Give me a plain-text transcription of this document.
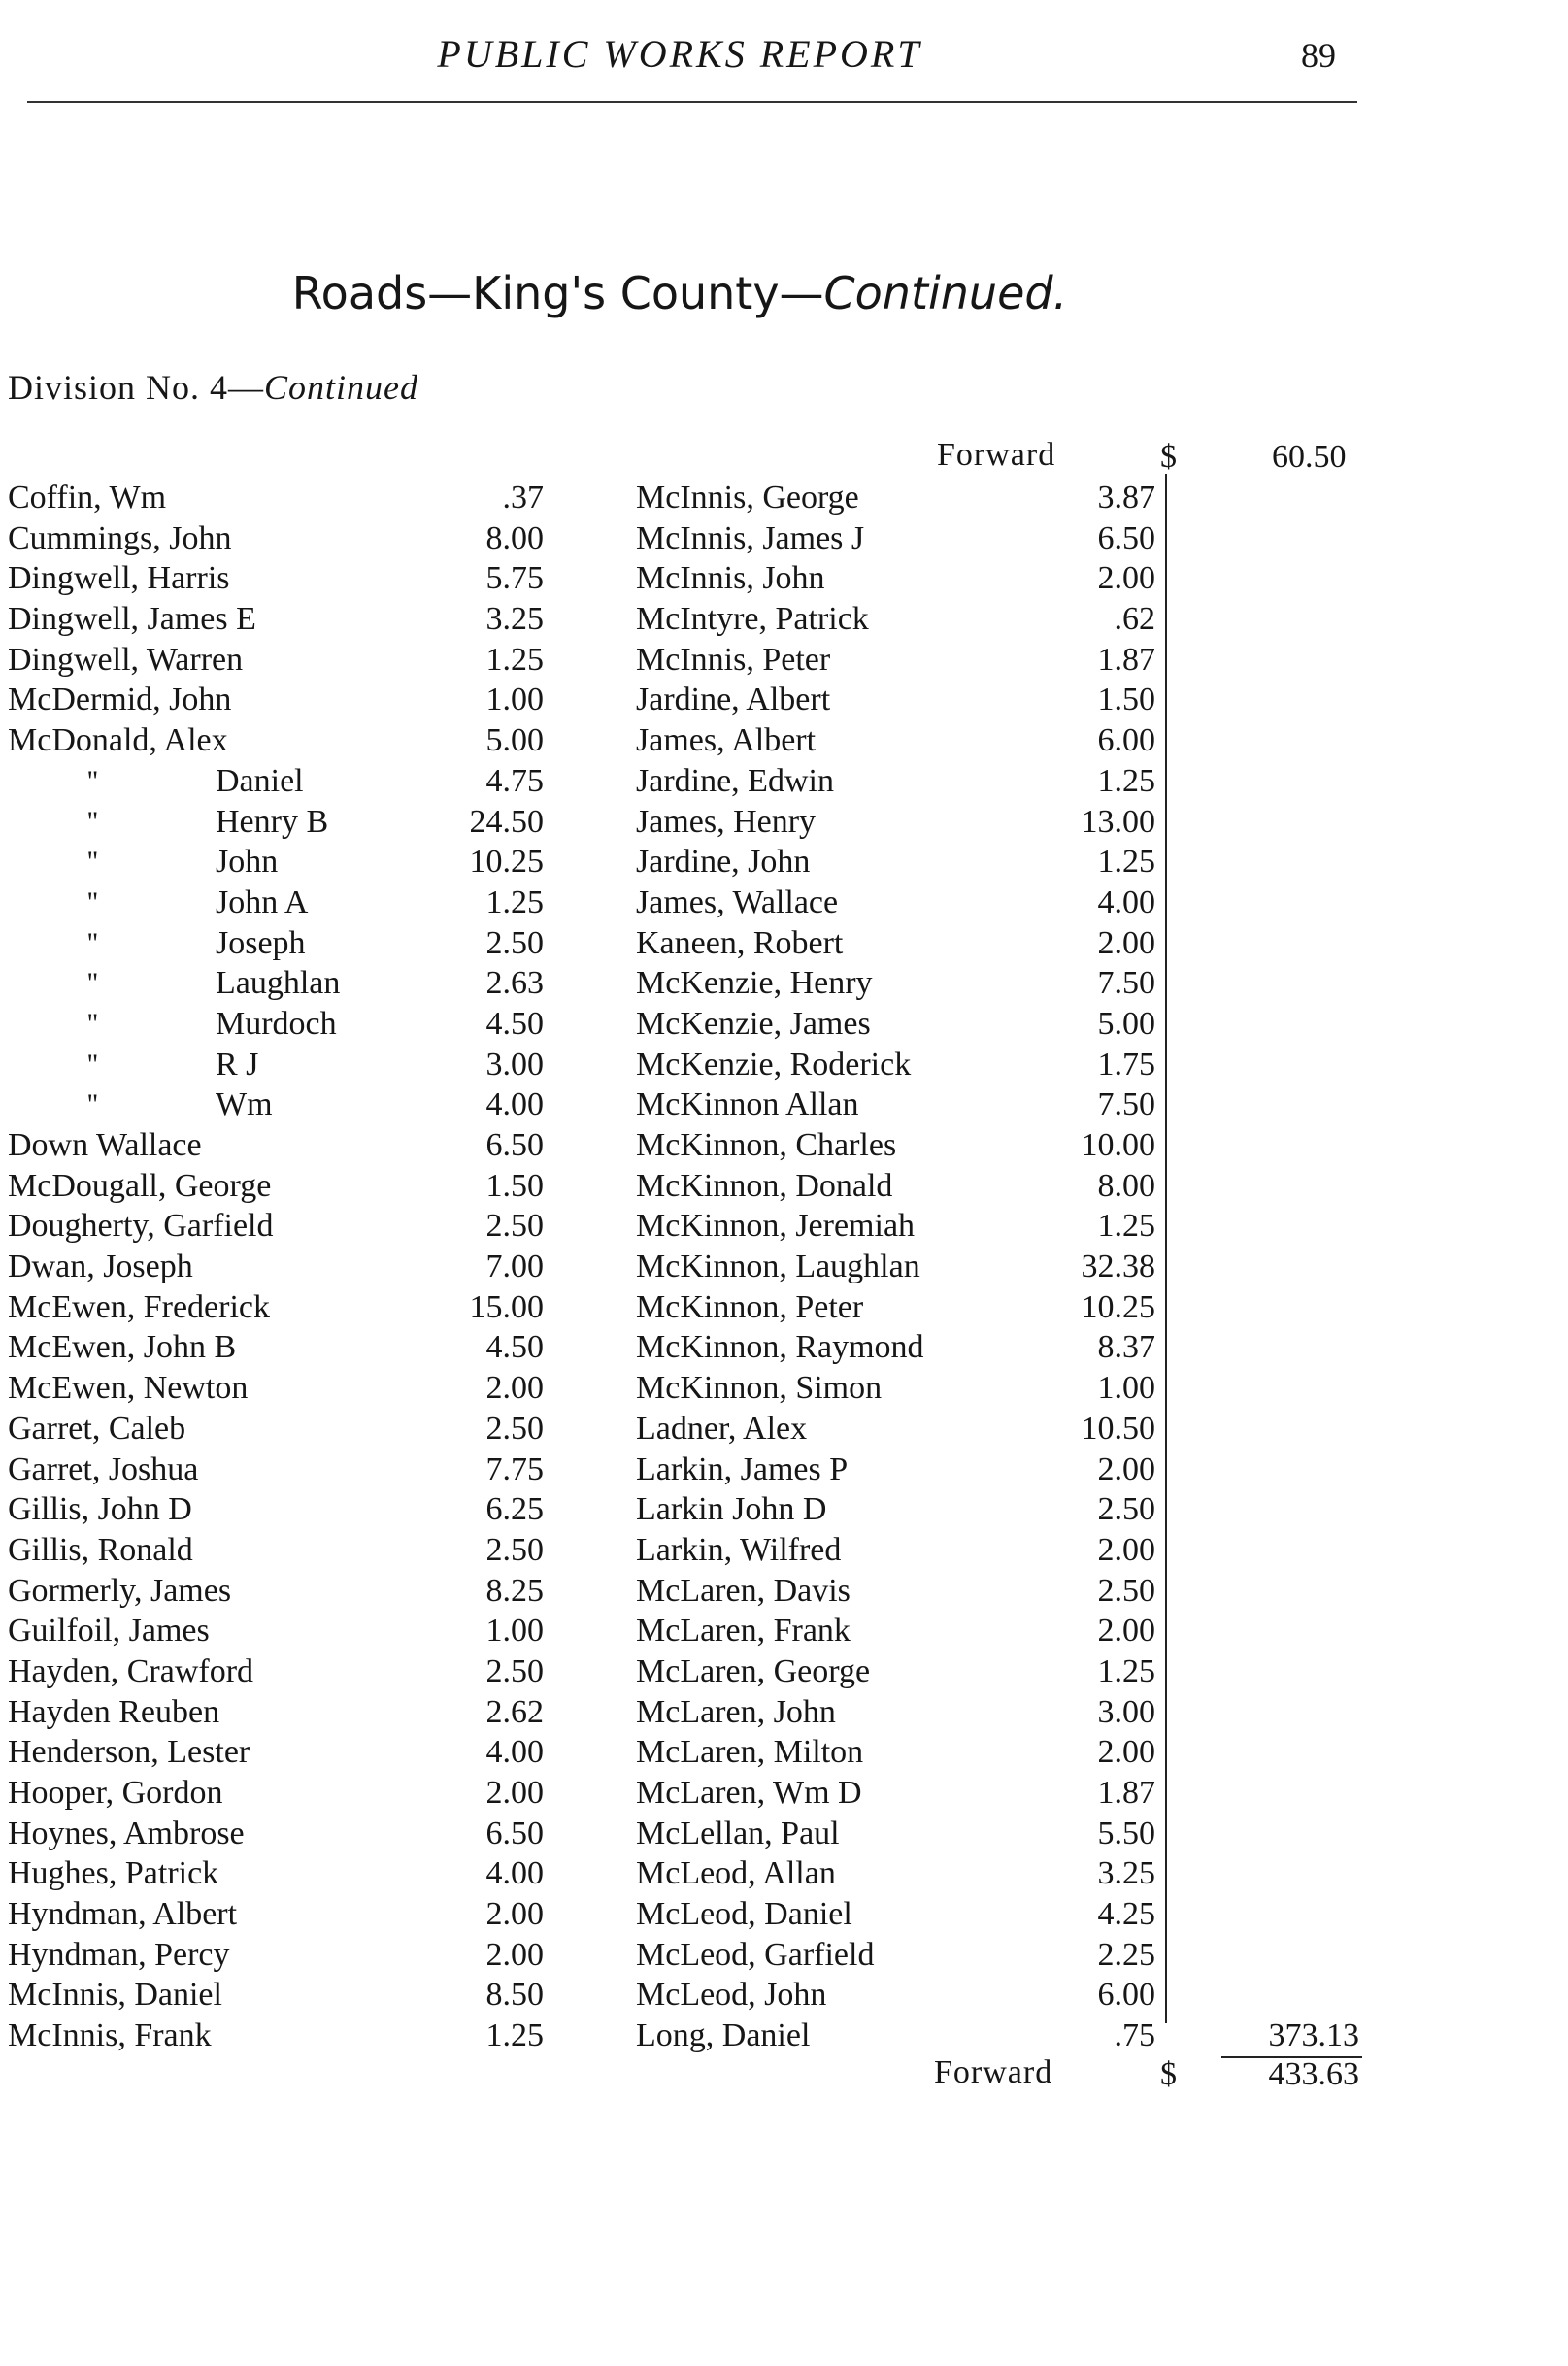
PUBLIC WORKS REPORT	89
Roads—King's County—Continued.
Division No. 4—Continued
Forward	$	60.50
Coffin, Wm	.37	McInnis, George	3.87
Cummings, John	8.00	McInnis, James J	6.50
Dingwell, Harris	5.75	McInnis, John	2.00
Dingwell, James E	3.25	McIntyre, Patrick	.62
Dingwell, Warren	1.25	McInnis, Peter	1.87
McDermid, John	1.00	Jardine, Albert	1.50
McDonald, Alex	5.00	James, Albert	6.00
''	Daniel	4.75	Jardine, Edwin	1.25
''	Henry B	24.50	James, Henry	13.00
''	John	10.25	Jardine, John	1.25
''	John A	1.25	James, Wallace	4.00
''	Joseph	2.50	Kaneen, Robert	2.00
''	Laughlan	2.63	McKenzie, Henry	7.50
''	Murdoch	4.50	McKenzie, James	5.00
''	R J	3.00	McKenzie, Roderick	1.75
''	Wm	4.00	McKinnon Allan	7.50
Down Wallace	6.50	McKinnon, Charles	10.00
McDougall, George	1.50	McKinnon, Donald	8.00
Dougherty, Garfield	2.50	McKinnon, Jeremiah	1.25
Dwan, Joseph	7.00	McKinnon, Laughlan	32.38
McEwen, Frederick	15.00	McKinnon, Peter	10.25
McEwen, John B	4.50	McKinnon, Raymond	8.37
McEwen, Newton	2.00	McKinnon, Simon	1.00
Garret, Caleb	2.50	Ladner, Alex	10.50
Garret, Joshua	7.75	Larkin, James P	2.00
Gillis, John D	6.25	Larkin John D	2.50
Gillis, Ronald	2.50	Larkin, Wilfred	2.00
Gormerly, James	8.25	McLaren, Davis	2.50
Guilfoil, James	1.00	McLaren, Frank	2.00
Hayden, Crawford	2.50	McLaren, George	1.25
Hayden Reuben	2.62	McLaren, John	3.00
Henderson, Lester	4.00	McLaren, Milton	2.00
Hooper, Gordon	2.00	McLaren, Wm D	1.87
Hoynes, Ambrose	6.50	McLellan, Paul	5.50
Hughes, Patrick	4.00	McLeod, Allan	3.25
Hyndman, Albert	2.00	McLeod, Daniel	4.25
Hyndman, Percy	2.00	McLeod, Garfield	2.25
McInnis, Daniel	8.50	McLeod, John	6.00
McInnis, Frank	1.25	Long, Daniel	.75	373.13
Forward	$	433.63
